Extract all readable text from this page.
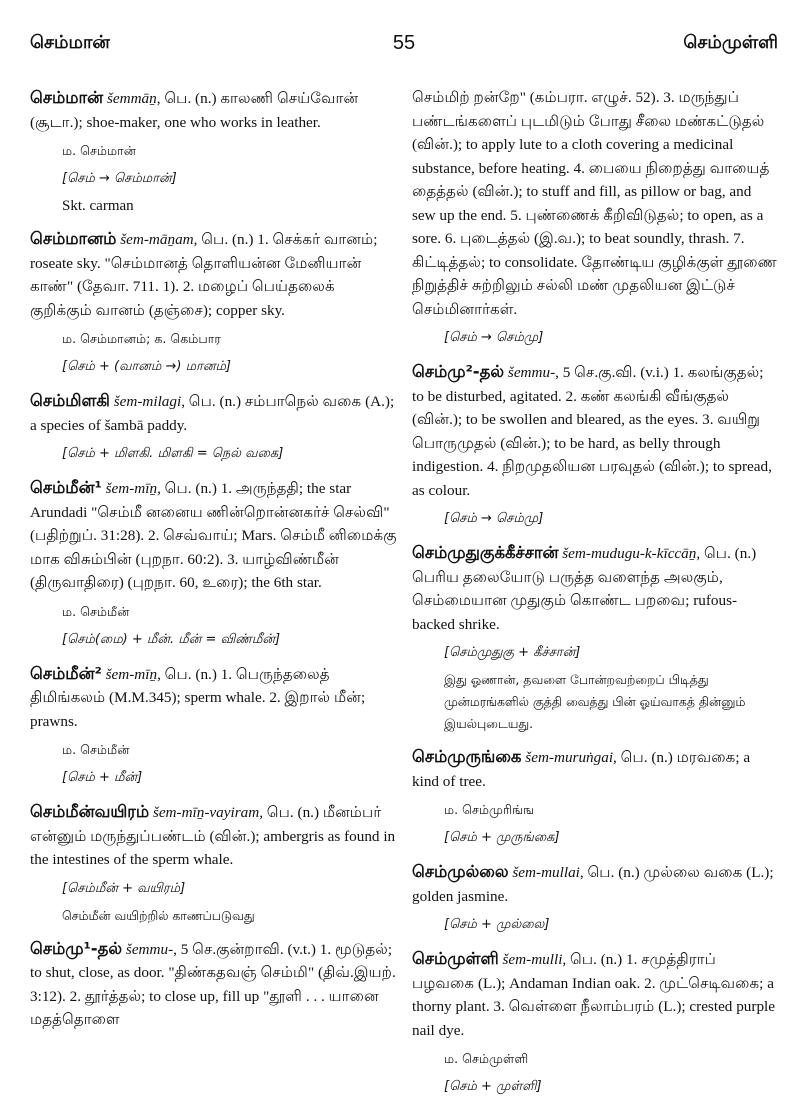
செம்மான்	55	செம்முள்ளி
செம்மான் šemmāṉ, பெ. (n.) காலணி செய்வோன் (சூடா.); shoe-maker, one who works in leather.
ம. செம்மான்
[செம் → செம்மான்]
Skt. carman
செம்மானம் šem-māṉam, பெ. (n.) 1. செக்கர் வானம்; roseate sky. "செம்மானத் தொளியன்ன மேனியான் காண்" (தேவா. 711. 1). 2. மழைப் பெய்தலைக் குறிக்கும் வானம் (தஞ்சை); copper sky.
ம. செம்மானம்; க. கெம்பார
[செம் + (வானம் →) மானம்]
செம்மிளகி šem-milagi, பெ. (n.) சம்பாநெல் வகை (A.); a species of šambā paddy.
[செம் + மிளகி. மிளகி = நெல் வகை]
செம்மீன்¹ šem-mīṉ, பெ. (n.) 1. அருந்ததி; the star Arundadi "செம்மீ னனைய ணின்றொன்னகர்ச் செல்வி" (பதிற்றுப். 31:28). 2. செவ்வாய்; Mars. செம்மீ னிமைக்கு மாக விசும்பின் (புறநா. 60:2). 3. யாழ்விண்மீன் (திருவாதிரை) (புறநா. 60, உரை); the 6th star.
ம. செம்மீன்
[செம்(மை) + மீன். மீன் = விண்மீன்]
செம்மீன்² šem-mīṉ, பெ. (n.) 1. பெருந்தலைத் திமிங்கலம் (M.M.345); sperm whale. 2. இறால் மீன்; prawns.
ம. செம்மீன்
[செம் + மீன்]
செம்மீன்வயிரம் šem-mīṉ-vayiram, பெ. (n.) மீனம்பர் என்னும் மருந்துப்பண்டம் (வின்.); ambergris as found in the intestines of the sperm whale.
[செம்மீன் + வயிரம்]
செம்மீன் வயிற்றில் காணப்படுவது
செம்மு¹-தல் šemmu-, 5 செ.குன்றாவி. (v.t.) 1. மூடுதல்; to shut, close, as door. "திண்கதவஞ் செம்மி" (திவ்.இயற். 3:12). 2. தூர்த்தல்; to close up, fill up "தூளி . . . யானை மதத்தொளை
செம்மிற் றன்றே" (கம்பரா. எழுச். 52). 3. மருந்துப் பண்டங்களைப் புடமிடும் போது சீலை மண்கட்டுதல் (வின்.); to apply lute to a cloth covering a medicinal substance, before heating. 4. பையை நிறைத்து வாயைத் தைத்தல் (வின்.); to stuff and fill, as pillow or bag, and sew up the end. 5. புண்ணைக் கீறிவிடுதல்; to open, as a sore. 6. புடைத்தல் (இ.வ.); to beat soundly, thrash. 7. கிட்டித்தல்; to consolidate. தோண்டிய குழிக்குள் தூணை நிறுத்திச் சுற்றிலும் சல்லி மண் முதலியன இட்டுச் செம்மினார்கள்.
[செம் → செம்மு]
செம்மு²-தல் šemmu-, 5 செ.கு.வி. (v.i.) 1. கலங்குதல்; to be disturbed, agitated. 2. கண் கலங்கி வீங்குதல் (வின்.); to be swollen and bleared, as the eyes. 3. வயிறு பொருமுதல் (வின்.); to be hard, as belly through indigestion. 4. நிறமுதலியன பரவுதல் (வின்.); to spread, as colour.
[செம் → செம்மு]
செம்முதுகுக்கீச்சான் šem-mudugu-k-kīccāṉ, பெ. (n.) பெரிய தலையோடு பருத்த வளைந்த அலகும், செம்மையான முதுகும் கொண்ட பறவை; rufous-backed shrike.
[செம்முதுகு + கீச்சான்]
இது ஓணான், தவளை போன்றவற்றைப் பிடித்து முன்மரங்களில் குத்தி வைத்து பின் ஓய்வாகத் தின்னும் இயல்புடையது.
செம்முருங்கை šem-muruṅgai, பெ. (n.) மரவகை; a kind of tree.
ம. செம்முரிங்ங
[செம் + முருங்கை]
செம்முல்லை šem-mullai, பெ. (n.) முல்லை வகை (L.); golden jasmine.
[செம் + முல்லை]
செம்முள்ளி šem-mulli, பெ. (n.) 1. சமுத்திராப் பழவகை (L.); Andaman Indian oak. 2. முட்செடிவகை; a thorny plant. 3. வெள்ளை நீலாம்பரம் (L.); crested purple nail dye.
ம. செம்முள்ளி
[செம் + முள்ளி]
